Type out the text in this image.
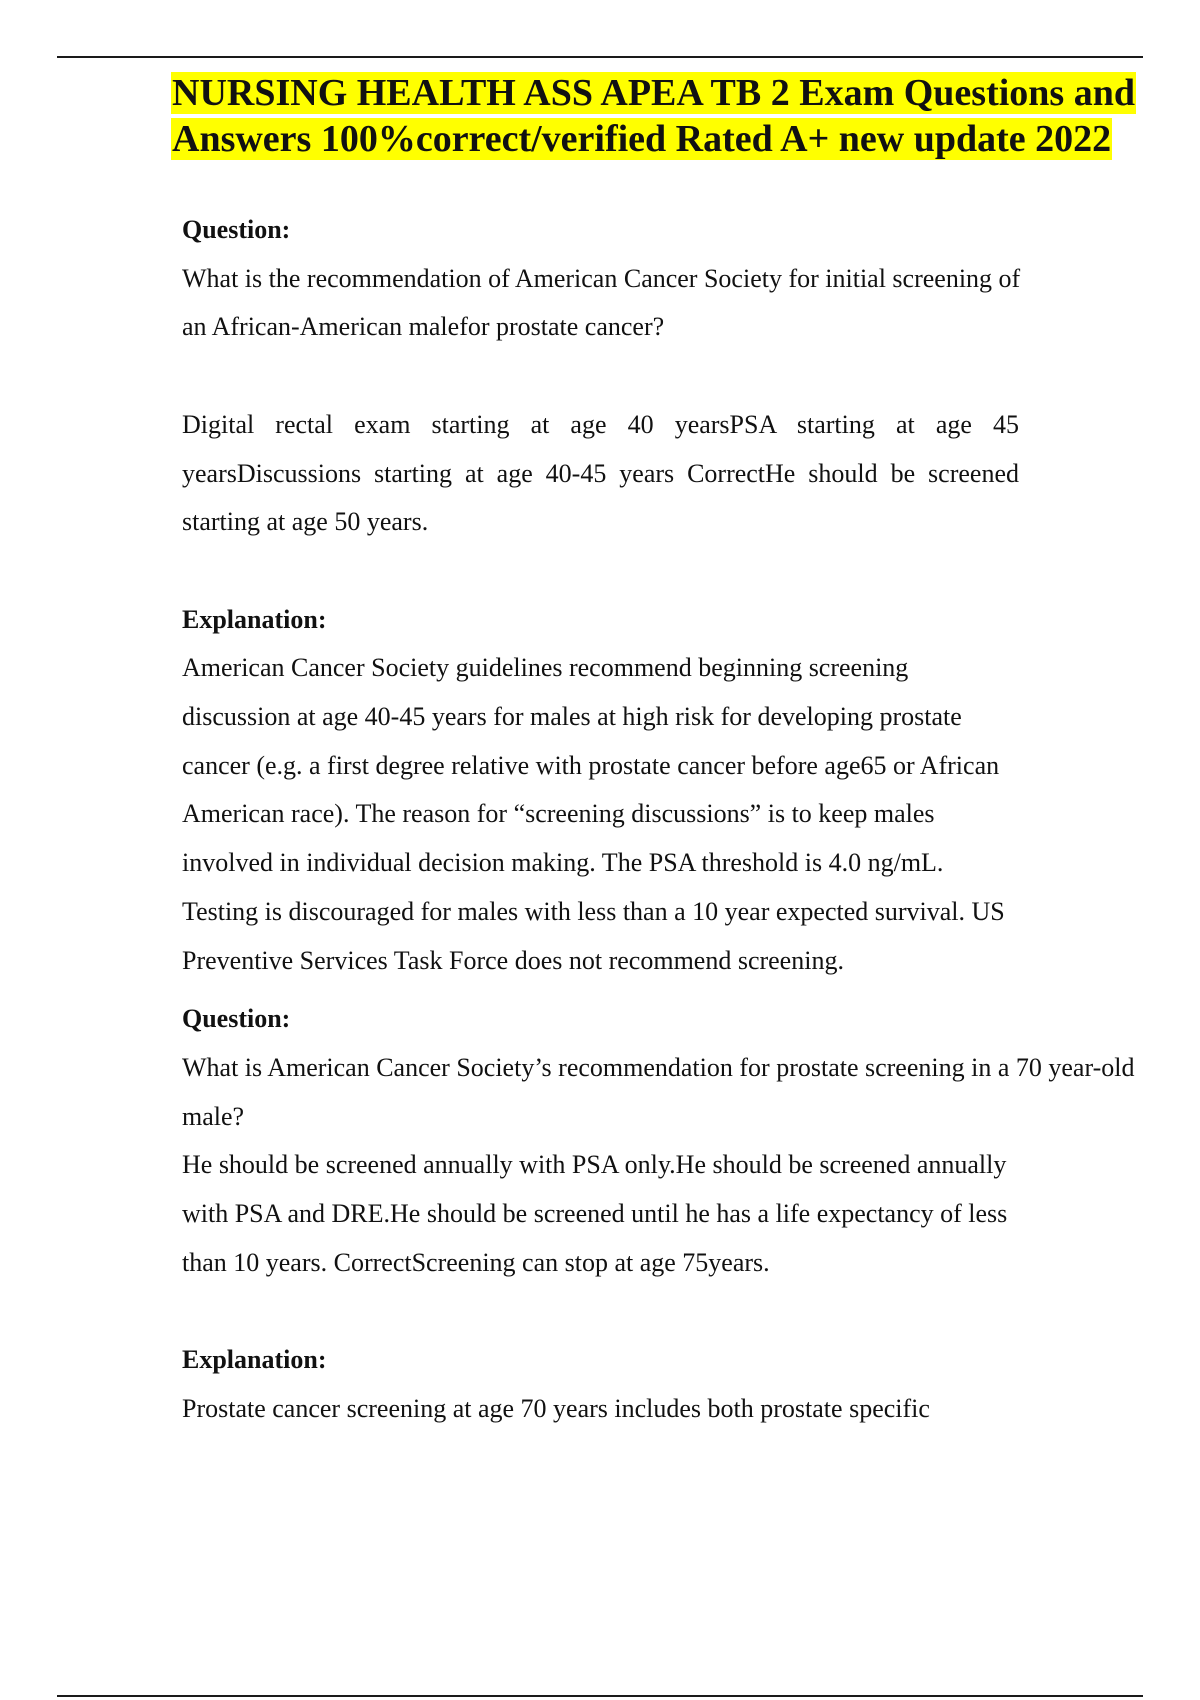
NURSING HEALTH ASS APEA TB 2 Exam Questions and
Answers 100%correct/verified Rated A+ new update 2022

Question:

What is the recommendation of American Cancer Society for initial screening of an African-American malefor prostate cancer?

Digital rectal exam starting at age 40 yearsPSA starting at age 45 yearsDiscussions starting at age 40-45 years CorrectHe should be screened starting at age 50 years.

Explanation:

American Cancer Society guidelines recommend beginning screening discussion at age 40-45 years for males at high risk for developing prostate cancer (e.g. a first degree relative with prostate cancer before age65 or African American race). The reason for “screening discussions” is to keep males involved in individual decision making. The PSA threshold is 4.0 ng/mL. Testing is discouraged for males with less than a 10 year expected survival. US Preventive Services Task Force does not recommend screening.

Question:

What is American Cancer Society’s recommendation for prostate screening in a 70 year-old

male?

He should be screened annually with PSA only.He should be screened annually with PSA and DRE.He should be screened until he has a life expectancy of less than 10 years. CorrectScreening can stop at age 75years.

Explanation:

Prostate cancer screening at age 70 years includes both prostate specific
